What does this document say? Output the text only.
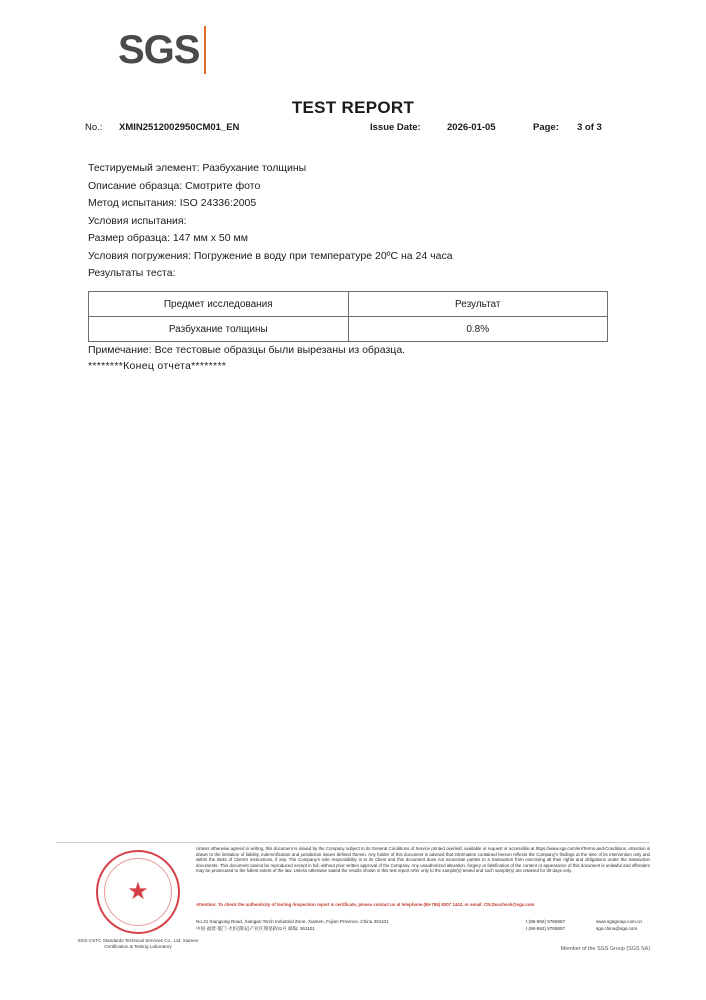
SGS
TEST REPORT
No.: XMIN2512002950CM01_EN	Issue Date:	2026-01-05	Page: 3 of 3
Тестируемый элемент: Разбухание толщины
Описание образца: Смотрите фото
Метод испытания: ISO 24336:2005
Условия испытания:
Размер образца: 147 мм x 50 мм
Условия погружения: Погружение в воду при температуре 20ºC на 24 часа
Результаты теста:
Предмет исследования	Результат
Разбухание толщины	0.8%
Примечание: Все тестовые образцы были вырезаны из образца.
********Конец отчета********
★
SGS-CSTC Standards Technical Services Co., Ltd. Xiamen Certification & Testing Laboratory
Unless otherwise agreed in writing, this document is issued by the Company subject to its General Conditions of Service printed overleaf, available or request or accessible at https://www.sgs.com/en/Terms-and-Conditions. Attention is drawn to the limitation of liability, indemnification and jurisdiction issues defined therein. Any holder of this document is advised that information contained hereon reflects the Company's findings at the time of its intervention only and within the limits of Client's instructions, if any. The Company's sole responsibility is to its Client and this document does not exonerate parties to a transaction from exercising all their rights and obligations under the transaction documents. This document cannot be reproduced except in full, without prior written approval of the Company. Any unauthorized alteration, forgery or falsification of the content or appearance of this document is unlawful and offenders may be prosecuted to the fullest extent of the law. Unless otherwise stated the results shown in this test report refer only to the sample(s) tested and such sample(s) are retained for 30 days only.
Attention: To check the authenticity of testing /inspection report & certificate, please contact us at telephone (86-755) 8307 1443, or email: CN.Doccheck@sgs.com
No.31 Xiangxing Road, Xiangan Torch Industrial Zone, Xiamen, Fujian Province, China 361101	t (86-592) 5765857	www.sgsgroup.com.cn
中国·福建·厦门·火炬(翔安)产业区翔星路31号 邮编: 361101	t (86-592) 5765857	sgs.china@sgs.com
Member of the SGS Group (SGS SA)
